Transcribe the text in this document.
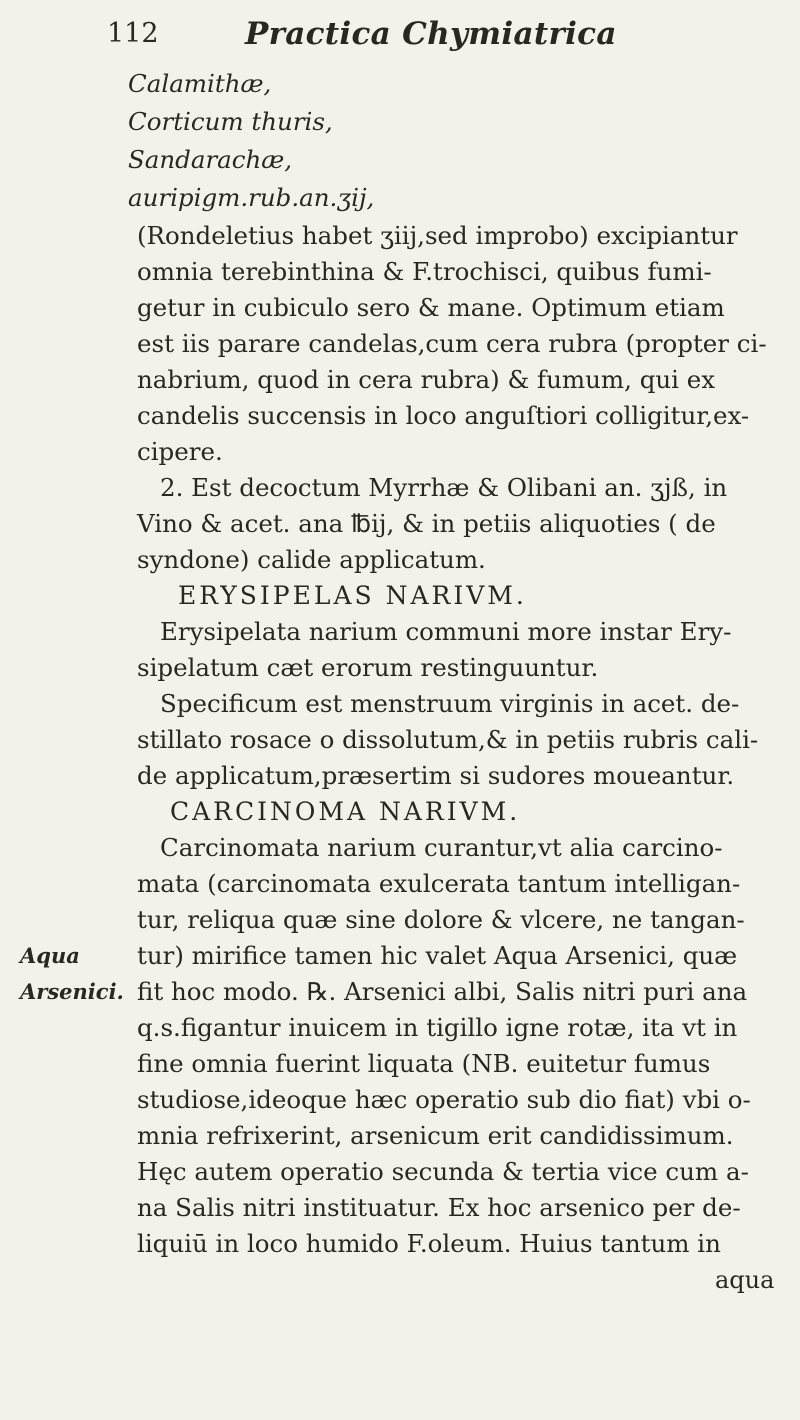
112	Practica Chymiatrica
Calamithæ,
Corticum thuris,
Sandarachæ,
auripigm.rub.an.ʒij,
(Rondeletius habet ʒiij,sed improbo) excipiantur
omnia terebinthina & F.trochisci, quibus fumi-
getur in cubiculo sero & mane. Optimum etiam
est iis parare candelas,cum cera rubra (propter ci-
nabrium, quod in cera rubra) & fumum, qui ex
candelis succensis in loco anguſtiori colligitur,ex-
cipere.
2. Est decoctum Myrrhæ & Olibani an. ʒjß, in
Vino & acet. ana ℔ij, & in petiis aliquoties ( de
syndone) calide applicatum.
ERYSIPELAS NARIVM.
Erysipelata narium communi more instar Ery-
sipelatum cæt erorum restinguuntur.
Specificum est menstruum virginis in acet. de-
stillato rosace o dissolutum,& in petiis rubris cali-
de applicatum,præsertim si sudores moueantur.
CARCINOMA NARIVM.
Carcinomata narium curantur,vt alia carcino-
mata (carcinomata exulcerata tantum intelligan-
tur, reliqua quæ sine dolore & vlcere, ne tangan-
tur) mirifice tamen hic valet Aqua Arsenici, quæ
fit hoc modo. ℞. Arsenici albi, Salis nitri puri ana
q.s.figantur inuicem in tigillo igne rotæ, ita vt in
fine omnia fuerint liquata (NB. euitetur fumus
studiose,ideoque hæc operatio sub dio fiat) vbi o-
mnia refrixerint, arsenicum erit candidissimum.
Hęc autem operatio secunda & tertia vice cum a-
na Salis nitri instituatur. Ex hoc arsenico per de-
liquiū in loco humido F.oleum. Huius tantum in
Aqua
Arsenici.
aqua
